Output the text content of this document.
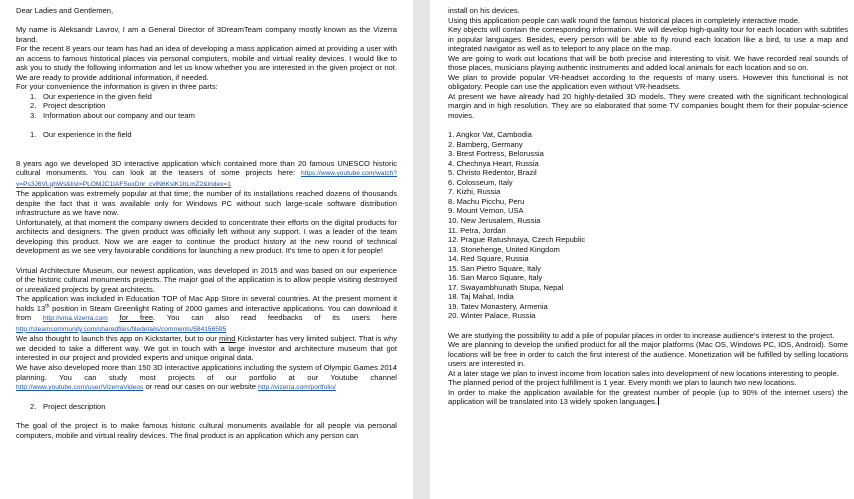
Dear Ladies and Gentlemen,

My name is Aleksandr Lavrov, I am a General Director of 3DreamTeam company mostly known as the Vizerra brand.

For the recent 8 years our team has had an idea of developing a mass application aimed at providing a user with an access to famous historical places via personal computers, mobile and virtual reality devices. I would like to ask you to study the following information and let us know whether you are interested in the given project or not. We are ready to provide additional information, if needed.

For your convenience the information is given in three parts:

1. Our experience in the given field

2. Project description

3. Information about our company and our team

1. Our experience in the field

8 years ago we developed 3D interactive application which contained more than 20 famous UNESCO historic cultural monuments. You can look at the teasers of some projects here: https://www.youtube.com/watch?v=Ps3J6VLqhWs&list=PLOMJC1tAFSuxDnr_cvlN6KslK1hLmZ2&index=1

The application was extremely popular at that time; the number of its installations reached dozens of thousands despite the fact that it was available only for Windows PC without such large-scale software distribution infrastructure as we have now.

Unfortunately, at that moment the company owners decided to concentrate their efforts on the digital products for architects and designers. The given product was officially left without any support. I was a leader of the team developing this product. Now we are eager to continue the product history at the new round of technical development as we see very favourable conditions for launching a new product. It's time to open it for people!

Virtual Architecture Museum, our newest application, was developed in 2015 and was based on our experience of the historic cultural monuments projects. The major goal of the application is to allow people visiting destroyed or unrealized projects by great architects.

The application was included in Education TOP of Mac App Store in several countries. At the present moment it holds 13th position in Steam Greenlight Rating of 2000 games and interactive applications. You can download it from http://vma.vizerra.com for free. You can also read feedbacks of its users here http://steamcommunity.com/sharedfiles/filedetails/comments/584156595

We also thought to launch this app on Kickstarter, but to our mind Kickstarter has very limited subject. That is why we decided to take a different way. We got in touch with a large investor and architecture museum that got interested in our project and provided experts and unique original data.

We have also developed more than 150 3D interactive applications including the system of Olympic Games 2014 planning. You can study most projects of our portfolio at our Youtube channel http://www.youtube.com/user/VizerraVideos or read our cases on our website http://vizerra.com/portfolio/

2. Project description

The goal of the project is to make famous historic cultural monuments available for all people via personal computers, mobile and virtual reality devices. The final product is an application which any person can

install on his devices.

Using this application people can walk round the famous historical places in completely interactive mode.

Key objects will contain the corresponding information. We will develop high-quality tour for each location with subtitles in popular languages. Besides, every person will be able to fly round each location like a bird, to use a map and integrated navigator as well as to teleport to any place on the map.

We are going to work out locations that will be both precise and interesting to visit. We have recorded real sounds of those places, musicians playing authentic instruments and added local animals for each location and so on.

We plan to provide popular VR-headset according to the requests of many users. However this functional is not obligatory. People can use the application even without VR-headsets.

At present we have already had 20 highly-detailed 3D models. They were created with the significant technological margin and in high resolution. They are so elaborated that some TV companies bought them for their popular-science movies.

1. Angkor Vat, Cambodia

2. Bamberg, Germany

3. Brest Fortress, Belorussia

4. Chechnya Heart, Russia

5. Christo Redentor, Brazil

6. Colosseum, Italy

7. Kizhi, Russia

8. Machu Picchu, Peru

9. Mount Vernon, USA

10. New Jerusalem, Russia

11. Petra, Jordan

12. Prague Ratushnaya, Czech Republic

13. Stonehenge, United Kingdom

14. Red Square, Russia

15. San Pietro Square, Italy

16. San Marco Square, Italy

17. Swayambhunath Stupa, Nepal

18. Taj Mahal, India

19. Tatev Monastery, Armenia

20. Winter Palace, Russia

We are studying the possibility to add a pile of popular places in order to increase audience's interest to the project.

We are planning to develop the unified product for all the major platforms (Mac OS, Windows PC, IOS, Android). Some locations will be free in order to catch the first interest of the audience. Monetization will be fulfilled by selling locations users are interested in.

At a later stage we plan to invest income from location sales into development of new locations interesting to people.

The planned period of the project fulfillment is 1 year. Every month we plan to launch two new locations.

In order to make the application available for the greatest number of people (up to 90% of the internet users) the application will be translated into 13 widely spoken languages.
